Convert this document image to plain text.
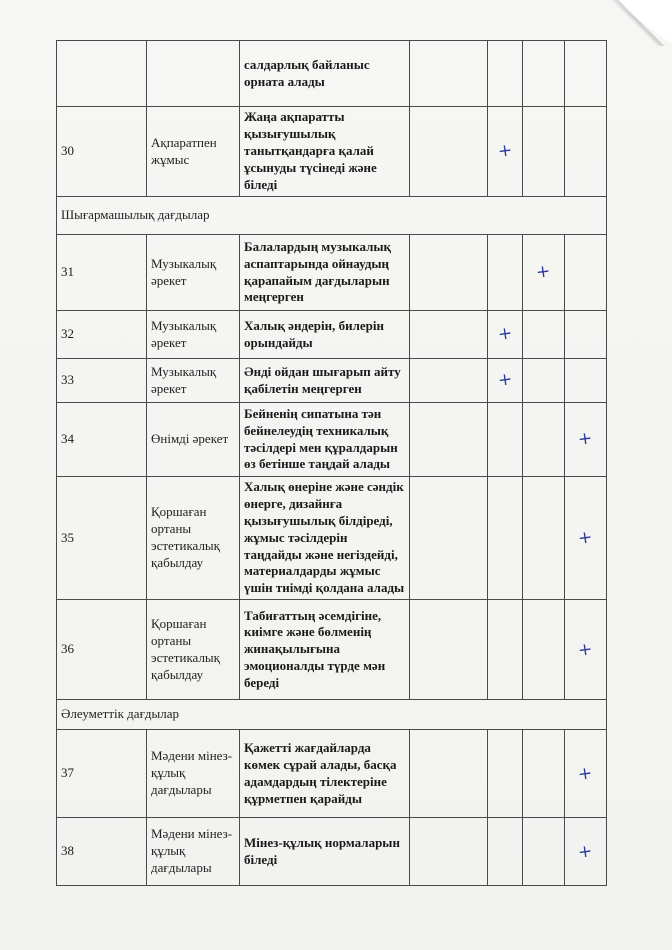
		салдарлық байланыс орната алады				
30	Ақпаратпен жұмыс	Жаңа ақпаратты қызығушылық танытқандарға қалай ұсынуды түсінеді және біледі		+		
Шығармашылық дағдылар						
31	Музыкалық әрекет	Балалардың музыкалық аспаптарында ойнаудың қарапайым дағдыларын меңгерген			+	
32	Музыкалық әрекет	Халық әндерін, билерін орындайды		+		
33	Музыкалық әрекет	Әнді ойдан шығарып айту қабілетін меңгерген		+		
34	Өнімді әрекет	Бейненің сипатына тән бейнелеудің техникалық тәсілдері мен құралдарын өз бетінше таңдай алады				+
35	Қоршаған ортаны эстетикалық қабылдау	Халық өнеріне және сәндік өнерге, дизайнға қызығушылық білдіреді, жұмыс тәсілдерін таңдайды және негіздейді, материалдарды жұмыс үшін тиімді қолдана алады				+
36	Қоршаған ортаны эстетикалық қабылдау	Табиғаттың әсемдігіне, киімге және бөлменің жинақылығына эмоционалды түрде мән береді				+
Әлеуметтік дағдылар						
37	Мәдени мінез-құлық дағдылары	Қажетті жағдайларда көмек сұрай алады, басқа адамдардың тілектеріне құрметпен қарайды				+
38	Мәдени мінез-құлық дағдылары	Мінез-құлық нормаларын біледі				+
